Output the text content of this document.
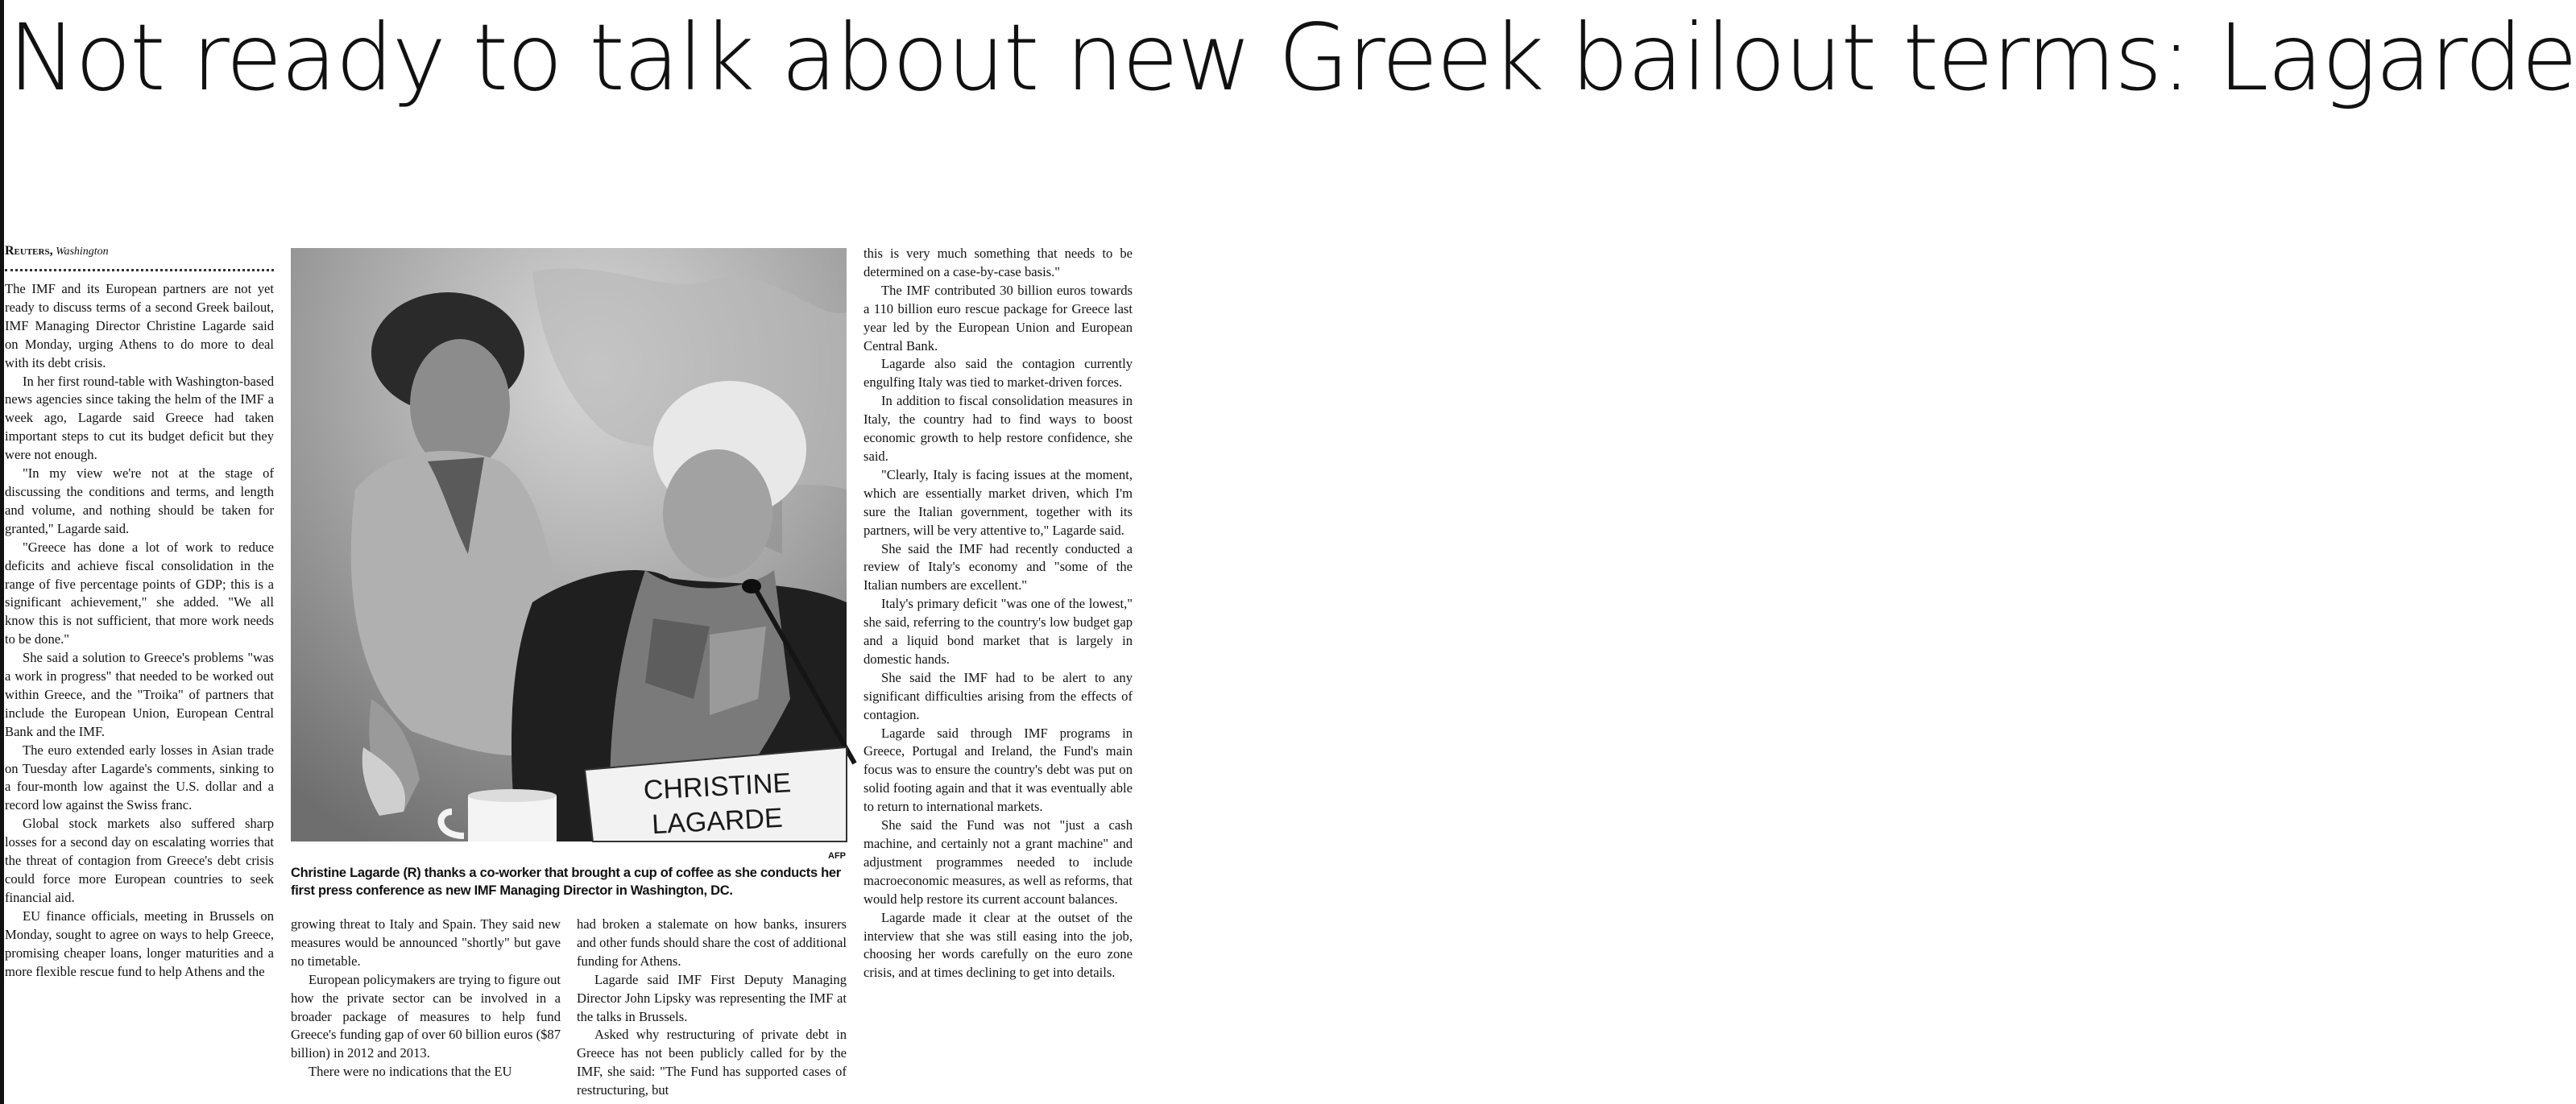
Not ready to talk about new Greek bailout terms: Lagarde
Reuters, Washington

The IMF and its European partners are not yet ready to discuss terms of a second Greek bailout, IMF Managing Director Christine Lagarde said on Monday, urging Athens to do more to deal with its debt crisis.

In her first round-table with Washington-based news agencies since taking the helm of the IMF a week ago, Lagarde said Greece had taken important steps to cut its budget deficit but they were not enough.

"In my view we're not at the stage of discussing the conditions and terms, and length and volume, and nothing should be taken for granted," Lagarde said.

"Greece has done a lot of work to reduce deficits and achieve fiscal consolidation in the range of five percentage points of GDP; this is a significant achievement," she added. "We all know this is not sufficient, that more work needs to be done."

She said a solution to Greece's problems "was a work in progress" that needed to be worked out within Greece, and the "Troika" of partners that include the European Union, European Central Bank and the IMF.

The euro extended early losses in Asian trade on Tuesday after Lagarde's comments, sinking to a four-month low against the U.S. dollar and a record low against the Swiss franc.

Global stock markets also suffered sharp losses for a second day on escalating worries that the threat of contagion from Greece's debt crisis could force more European countries to seek financial aid.

EU finance officials, meeting in Brussels on Monday, sought to agree on ways to help Greece, promising cheaper loans, longer maturities and a more flexible rescue fund to help Athens and the

CHRISTINE
LAGARDE
AFP

Christine Lagarde (R) thanks a co-worker that brought a cup of coffee as she conducts her first press conference as new IMF Managing Director in Washington, DC.

growing threat to Italy and Spain. They said new measures would be announced "shortly" but gave no timetable.

European policymakers are trying to figure out how the private sector can be involved in a broader package of measures to help fund Greece's funding gap of over 60 billion euros ($87 billion) in 2012 and 2013.

There were no indications that the EU

had broken a stalemate on how banks, insurers and other funds should share the cost of additional funding for Athens.

Lagarde said IMF First Deputy Managing Director John Lipsky was representing the IMF at the talks in Brussels.

Asked why restructuring of private debt in Greece has not been publicly called for by the IMF, she said: "The Fund has supported cases of restructuring, but

this is very much something that needs to be determined on a case-by-case basis."

The IMF contributed 30 billion euros towards a 110 billion euro rescue package for Greece last year led by the European Union and European Central Bank.

Lagarde also said the contagion currently engulfing Italy was tied to market-driven forces.

In addition to fiscal consolidation measures in Italy, the country had to find ways to boost economic growth to help restore confidence, she said.

"Clearly, Italy is facing issues at the moment, which are essentially market driven, which I'm sure the Italian government, together with its partners, will be very attentive to," Lagarde said.

She said the IMF had recently conducted a review of Italy's economy and "some of the Italian numbers are excellent."

Italy's primary deficit "was one of the lowest," she said, referring to the country's low budget gap and a liquid bond market that is largely in domestic hands.

She said the IMF had to be alert to any significant difficulties arising from the effects of contagion.

Lagarde said through IMF programs in Greece, Portugal and Ireland, the Fund's main focus was to ensure the country's debt was put on solid footing again and that it was eventually able to return to international markets.

She said the Fund was not "just a cash machine, and certainly not a grant machine" and adjustment programmes needed to include macroeconomic measures, as well as reforms, that would help restore its current account balances.

Lagarde made it clear at the outset of the interview that she was still easing into the job, choosing her words carefully on the euro zone crisis, and at times declining to get into details.
